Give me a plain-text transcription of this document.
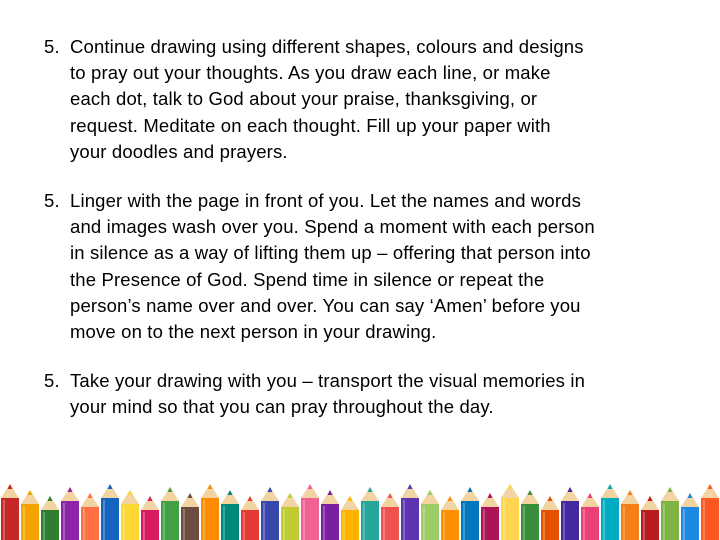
5. Continue drawing using different shapes, colours and designs
to pray out your thoughts. As you draw each line, or make
each dot, talk to God about your praise, thanksgiving, or
request. Meditate on each thought. Fill up your paper with
your doodles and prayers.
5. Linger with the page in front of you. Let the names and words
and images wash over you. Spend a moment with each person
in silence as a way of lifting them up – offering that person into
the Presence of God. Spend time in silence or repeat the
person’s name over and over. You can say ‘Amen’ before you
move on to the next person in your drawing.
5. Take your drawing with you – transport the visual memories in
your mind so that you can pray throughout the day.
